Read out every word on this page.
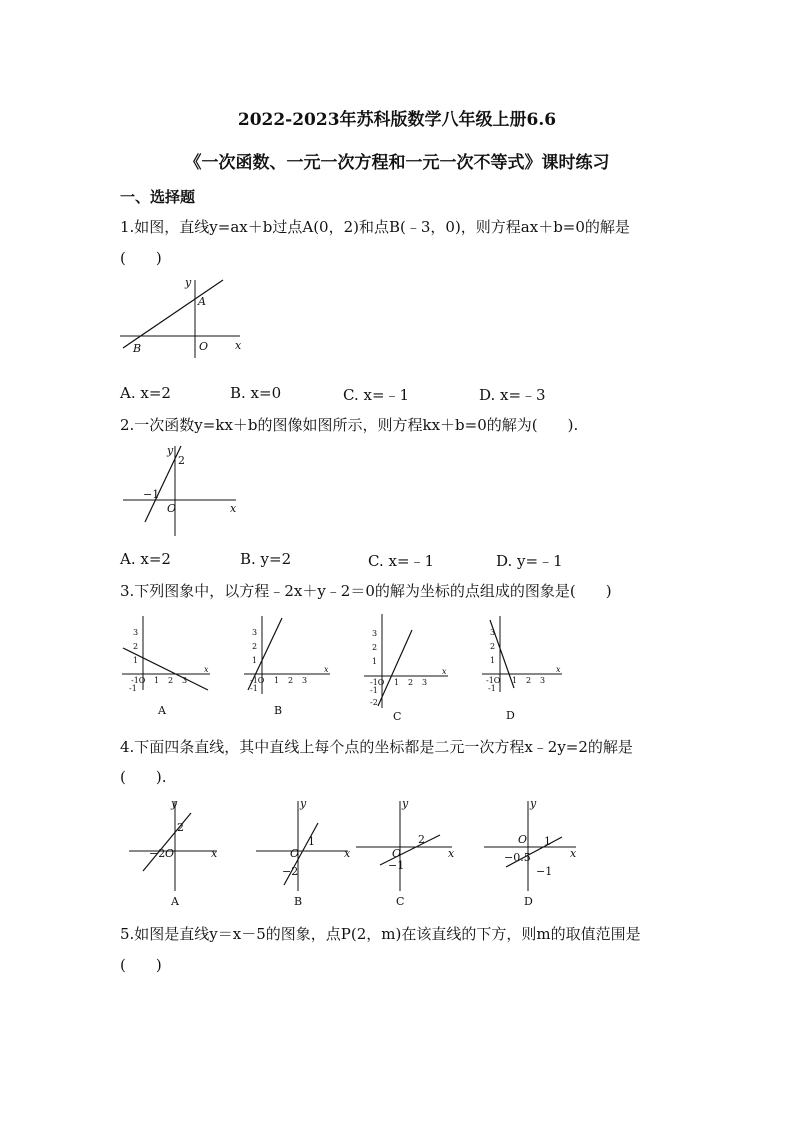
2022-2023年苏科版数学八年级上册6.6
《一次函数、一元一次方程和一元一次不等式》课时练习
一、选择题
1.如图，直线y=ax＋b过点A(0，2)和点B(﹣3，0)，则方程ax＋b=0的解是
(　　)
y
x
A
B	O
A. x=2	B. x=0	C. x=﹣1	D. x=﹣3
2.一次函数y=kx＋b的图像如图所示，则方程kx＋b=0的解为(　　).
y
2
−1
O	x
A. x=2	B. y=2	C. x=﹣1	D. y=﹣1
3.下列图象中，以方程﹣2x＋y﹣2＝0的解为坐标的点组成的图象是(　　)
3
2
1
-1O
-1
1 2 3
x
A
3
2
1
-1O
-1
1 2 3
x
B
3
2
1
-1O
-1
-2
1 2 3
x
C
3
2
1
-1O
-1
1 2 3
x
D
4.下面四条直线，其中直线上每个点的坐标都是二元一次方程x﹣2y=2的解是
(　　).
y
2
−2 O	x
A
y
1
−2
O	x
B
y
2
−1
O	x
C
y
1
−0.5
−1
O
x
D
5.如图是直线y＝x－5的图象，点P(2，m)在该直线的下方，则m的取值范围是
(　　)
